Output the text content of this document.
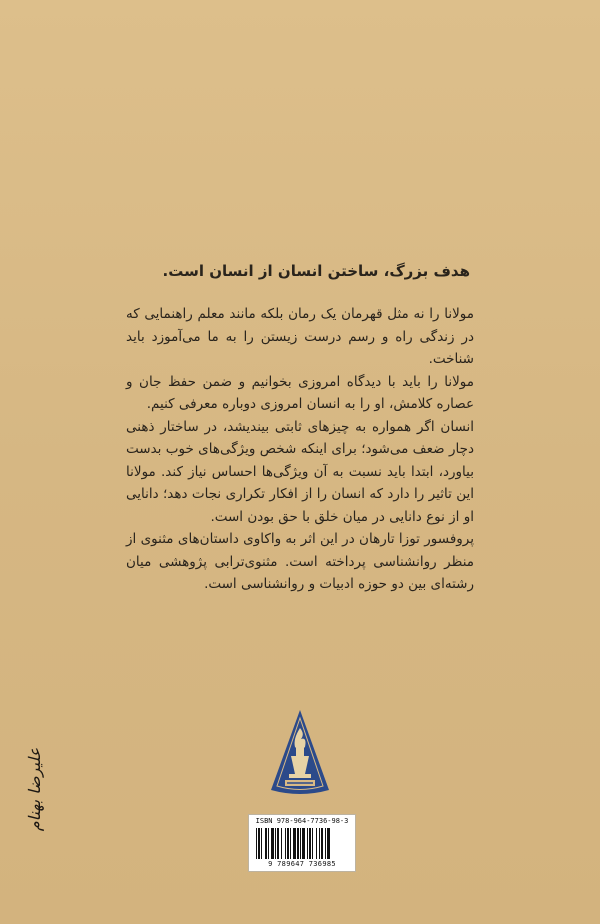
هدف بزرگ، ساختن انسان از انسان است.

مولانا را نه مثل قهرمان یک رمان بلکه مانند معلم راهنمایی که در زندگی راه و رسم درست زیستن را به ما می‌آموزد باید شناخت.

مولانا را باید با دیدگاه امروزی بخوانیم و ضمن حفظ جان و عصاره کلامش، او را به انسان امروزی دوباره معرفی کنیم.

انسان اگر همواره به چیزهای ثابتی بیندیشد، در ساختار ذهنی دچار ضعف می‌شود؛ برای اینکه شخص ویژگی‌های خوب بدست بیاورد، ابتدا باید نسبت به آن ویژگی‌ها احساس نیاز کند. مولانا این تاثیر را دارد که انسان را از افکار تکراری نجات دهد؛ دانایی او از نوع دانایی در میان خلق با حق بودن است.

پروفسور توزا تارهان در این اثر به واکاوی داستان‌های مثنوی از منظر روانشناسی پرداخته است. مثنوی‌ترابی پژوهشی میان رشته‌ای بین دو حوزه ادبیات و روانشناسی است.

علیرضا بهنام	ISBN 978-964-7736-98-3
9 789647 736985
